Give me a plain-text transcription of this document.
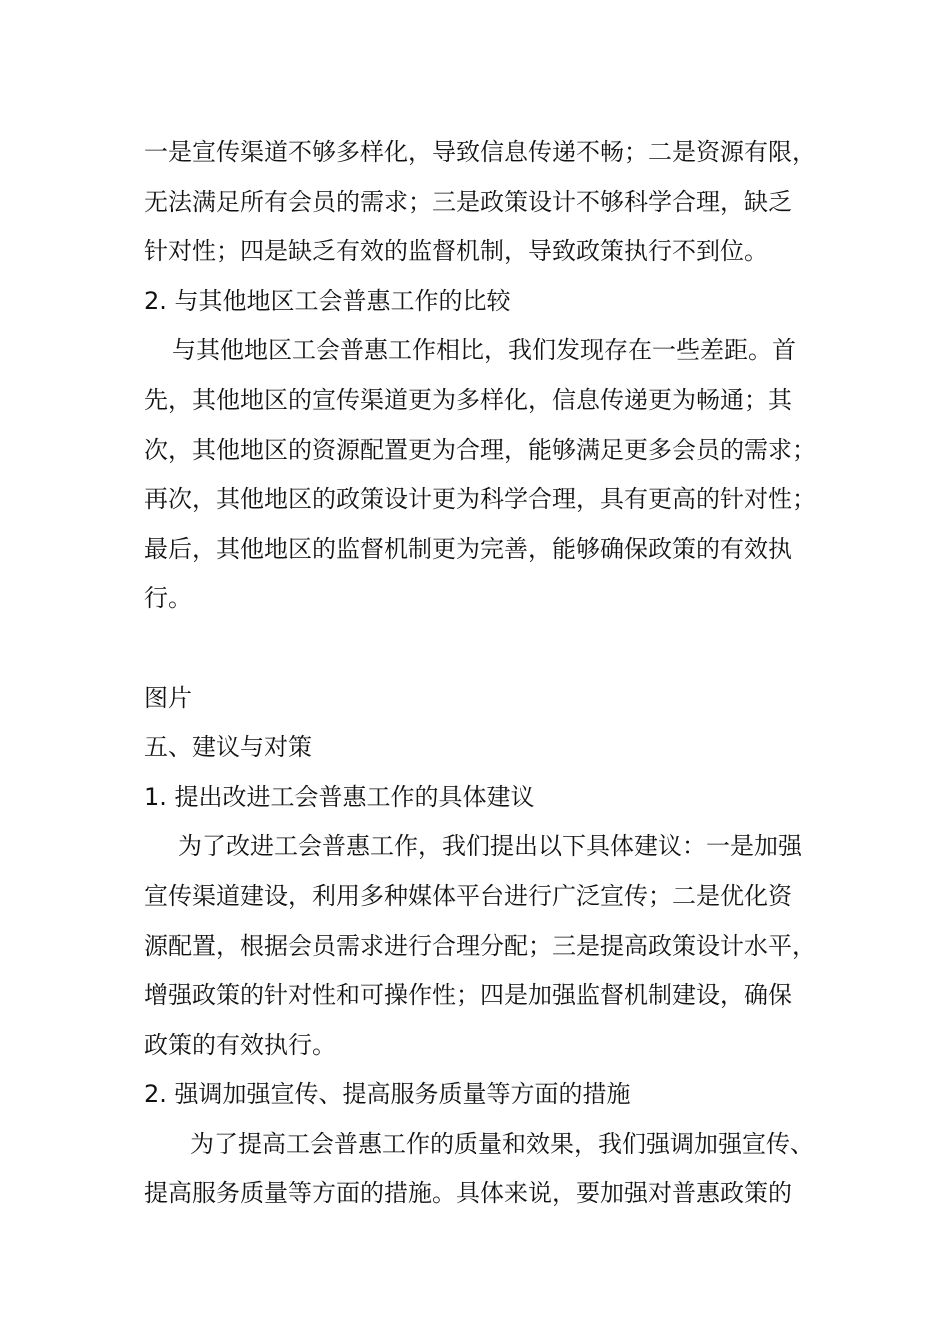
一是宣传渠道不够多样化，导致信息传递不畅；二是资源有限，
无法满足所有会员的需求；三是政策设计不够科学合理，缺乏
针对性；四是缺乏有效的监督机制，导致政策执行不到位。
2. 与其他地区工会普惠工作的比较
与其他地区工会普惠工作相比，我们发现存在一些差距。首
先，其他地区的宣传渠道更为多样化，信息传递更为畅通；其
次，其他地区的资源配置更为合理，能够满足更多会员的需求；
再次，其他地区的政策设计更为科学合理，具有更高的针对性；
最后，其他地区的监督机制更为完善，能够确保政策的有效执
行。
图片
五、建议与对策
1. 提出改进工会普惠工作的具体建议
为了改进工会普惠工作，我们提出以下具体建议：一是加强
宣传渠道建设，利用多种媒体平台进行广泛宣传；二是优化资
源配置，根据会员需求进行合理分配；三是提高政策设计水平，
增强政策的针对性和可操作性；四是加强监督机制建设，确保
政策的有效执行。
2. 强调加强宣传、提高服务质量等方面的措施
为了提高工会普惠工作的质量和效果，我们强调加强宣传、
提高服务质量等方面的措施。具体来说，要加强对普惠政策的
